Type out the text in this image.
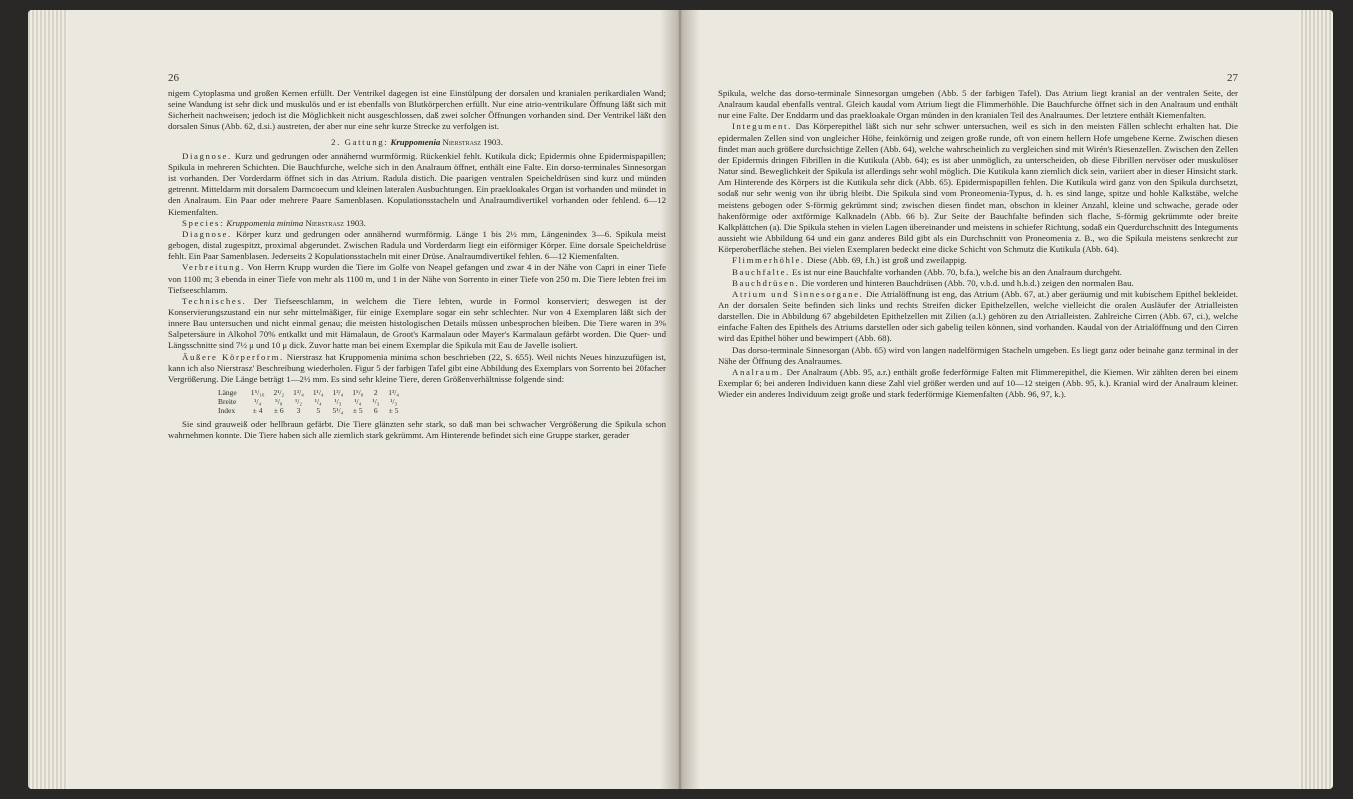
26

nigem Cytoplasma und großen Kernen erfüllt. Der Ventrikel dagegen ist eine Einstülpung der dorsalen und kranialen perikardialen Wand; seine Wandung ist sehr dick und muskulös und er ist ebenfalls von Blutkörperchen erfüllt. Nur eine atrio-ventrikulare Öffnung läßt sich mit Sicherheit nachweisen; jedoch ist die Möglichkeit nicht ausgeschlossen, daß zwei solcher Öffnungen vorhanden sind. Der Ventrikel läßt den dorsalen Sinus (Abb. 62, d.si.) austreten, der aber nur eine sehr kurze Strecke zu verfolgen ist.

2. Gattung: Kruppomenia Nierstrasz 1903.

Diagnose. Kurz und gedrungen oder annähernd wurmförmig. Rückenkiel fehlt. Kutikula dick; Epidermis ohne Epidermispapillen; Spikula in mehreren Schichten. Die Bauchfurche, welche sich in den Analraum öffnet, enthält eine Falte. Ein dorso-terminales Sinnesorgan ist vorhanden. Der Vorderdarm öffnet sich in das Atrium. Radula distich. Die paarigen ventralen Speicheldrüsen sind kurz und münden getrennt. Mitteldarm mit dorsalem Darmcoecum und kleinen lateralen Ausbuchtungen. Ein praekloakales Organ ist vorhanden und mündet in den Analraum. Ein Paar oder mehrere Paare Samenblasen. Kopulationsstacheln und Analraumdivertikel vorhanden oder fehlend. 6—12 Kiemenfalten.

Species: Kruppomenia minima Nierstrasz 1903.

Diagnose. Körper kurz und gedrungen oder annähernd wurmförmig. Länge 1 bis 2½ mm, Längenindex 3—6. Spikula meist gebogen, distal zugespitzt, proximal abgerundet. Zwischen Radula und Vorderdarm liegt ein eiförmiger Körper. Eine dorsale Speicheldrüse fehlt. Ein Paar Samenblasen. Jederseits 2 Kopulationsstacheln mit einer Drüse. Analraumdivertikel fehlen. 6—12 Kiemenfalten.

Verbreitung. Von Herrn Krupp wurden die Tiere im Golfe von Neapel gefangen und zwar 4 in der Nähe von Capri in einer Tiefe von 1100 m; 3 ebenda in einer Tiefe von mehr als 1100 m, und 1 in der Nähe von Sorrento in einer Tiefe von 250 m. Die Tiere lebten frei im Tiefseeschlamm.

Technisches. Der Tiefseeschlamm, in welchem die Tiere lebten, wurde in Formol konserviert; deswegen ist der Konservierungszustand ein nur sehr mittelmäßiger, für einige Exemplare sogar ein sehr schlechter. Nur von 4 Exemplaren läßt sich der innere Bau untersuchen und nicht einmal genau; die meisten histologischen Details müssen unbesprochen bleiben. Die Tiere waren in 3% Salpetersäure in Alkohol 70% entkalkt und mit Hämalaun, de Groot's Karmalaun oder Mayer's Karmalaun gefärbt worden. Die Quer- und Längsschnitte sind 7½ μ und 10 μ dick. Zuvor hatte man bei einem Exemplar die Spikula mit Eau de Javelle isoliert.

Äußere Körperform. Nierstrasz hat Kruppomenia minima schon beschrieben (22, S. 655). Weil nichts Neues hinzuzufügen ist, kann ich also Nierstrasz' Beschreibung wiederholen. Figur 5 der farbigen Tafel gibt eine Abbildung des Exemplars von Sorrento bei 20facher Vergrößerung. Die Länge beträgt 1—2½ mm. Es sind sehr kleine Tiere, deren Größenverhältnisse folgende sind:

Länge	1⁵/₁₆	2¹/₂	1³/₄	1¹/₄	1³/₄	1⁵/₈	2	1³/₄
Breite	¹/₄	⁵/₈	¹/₂	¹/₄	¹/₃	¹/₄	¹/₃	¹/₃
Index	± 4	± 6	3	5	5¹/₄	± 5	6	± 5

Sie sind grauweiß oder hellbraun gefärbt. Die Tiere glänzten sehr stark, so daß man bei schwacher Vergrößerung die Spikula schon wahrnehmen konnte. Die Tiere haben sich alle ziemlich stark gekrümmt. Am Hinterende befindet sich eine Gruppe starker, gerader

27

Spikula, welche das dorso-terminale Sinnesorgan umgeben (Abb. 5 der farbigen Tafel). Das Atrium liegt kranial an der ventralen Seite, der Analraum kaudal ebenfalls ventral. Gleich kaudal vom Atrium liegt die Flimmerhöhle. Die Bauchfurche öffnet sich in den Analraum und enthält nur eine Falte. Der Enddarm und das praekloakale Organ münden in den kranialen Teil des Analraumes. Der letztere enthält Kiemenfalten.

Integument. Das Körperepithel läßt sich nur sehr schwer untersuchen, weil es sich in den meisten Fällen schlecht erhalten hat. Die epidermalen Zellen sind von ungleicher Höhe, feinkörnig und zeigen große runde, oft von einem hellern Hofe umgebene Kerne. Zwischen diesen findet man auch größere durchsichtige Zellen (Abb. 64), welche wahrscheinlich zu vergleichen sind mit Wirén's Riesenzellen. Zwischen den Zellen der Epidermis dringen Fibrillen in die Kutikula (Abb. 64); es ist aber unmöglich, zu unterscheiden, ob diese Fibrillen nervöser oder muskulöser Natur sind. Beweglichkeit der Spikula ist allerdings sehr wohl möglich. Die Kutikula kann ziemlich dick sein, variiert aber in dieser Hinsicht stark. Am Hinterende des Körpers ist die Kutikula sehr dick (Abb. 65). Epidermispapillen fehlen. Die Kutikula wird ganz von den Spikula durchsetzt, sodaß nur sehr wenig von ihr übrig bleibt. Die Spikula sind vom Proneomenia-Typus, d. h. es sind lange, spitze und hohle Kalkstäbe, welche meistens gebogen oder S-förmig gekrümmt sind; zwischen diesen findet man, obschon in kleiner Anzahl, kleine und schwache, gerade oder hakenförmige oder axtförmige Kalknadeln (Abb. 66 b). Zur Seite der Bauchfalte befinden sich flache, S-förmig gekrümmte oder breite Kalkplättchen (a). Die Spikula stehen in vielen Lagen übereinander und meistens in schiefer Richtung, sodaß ein Querdurchschnitt des Integuments aussieht wie Abbildung 64 und ein ganz anderes Bild gibt als ein Durchschnitt von Proneomenia z. B., wo die Spikula meistens senkrecht zur Körperoberfläche stehen. Bei vielen Exemplaren bedeckt eine dicke Schicht von Schmutz die Kutikula (Abb. 64).

Flimmerhöhle. Diese (Abb. 69, f.h.) ist groß und zweilappig.

Bauchfalte. Es ist nur eine Bauchfalte vorhanden (Abb. 70, b.fa.), welche bis an den Analraum durchgeht.

Bauchdrüsen. Die vorderen und hinteren Bauchdrüsen (Abb. 70, v.b.d. und h.b.d.) zeigen den normalen Bau.

Atrium und Sinnesorgane. Die Atrialöffnung ist eng, das Atrium (Abb. 67, at.) aber geräumig und mit kubischem Epithel bekleidet. An der dorsalen Seite befinden sich links und rechts Streifen dicker Epithelzellen, welche vielleicht die oralen Ausläufer der Atrialleisten darstellen. Die in Abbildung 67 abgebildeten Epithelzellen mit Zilien (a.l.) gehören zu den Atrialleisten. Zahlreiche Cirren (Abb. 67, ci.), welche einfache Falten des Epithels des Atriums darstellen oder sich gabelig teilen können, sind vorhanden. Kaudal von der Atrialöffnung und den Cirren wird das Epithel höher und bewimpert (Abb. 68).

Das dorso-terminale Sinnesorgan (Abb. 65) wird von langen nadelförmigen Stacheln umgeben. Es liegt ganz oder beinahe ganz terminal in der Nähe der Öffnung des Analraumes.

Analraum. Der Analraum (Abb. 95, a.r.) enthält große federförmige Falten mit Flimmerepithel, die Kiemen. Wir zählten deren bei einem Exemplar 6; bei anderen Individuen kann diese Zahl viel größer werden und auf 10—12 steigen (Abb. 95, k.). Kranial wird der Analraum kleiner. Wieder ein anderes Individuum zeigt große und stark federförmige Kiemenfalten (Abb. 96, 97, k.).
